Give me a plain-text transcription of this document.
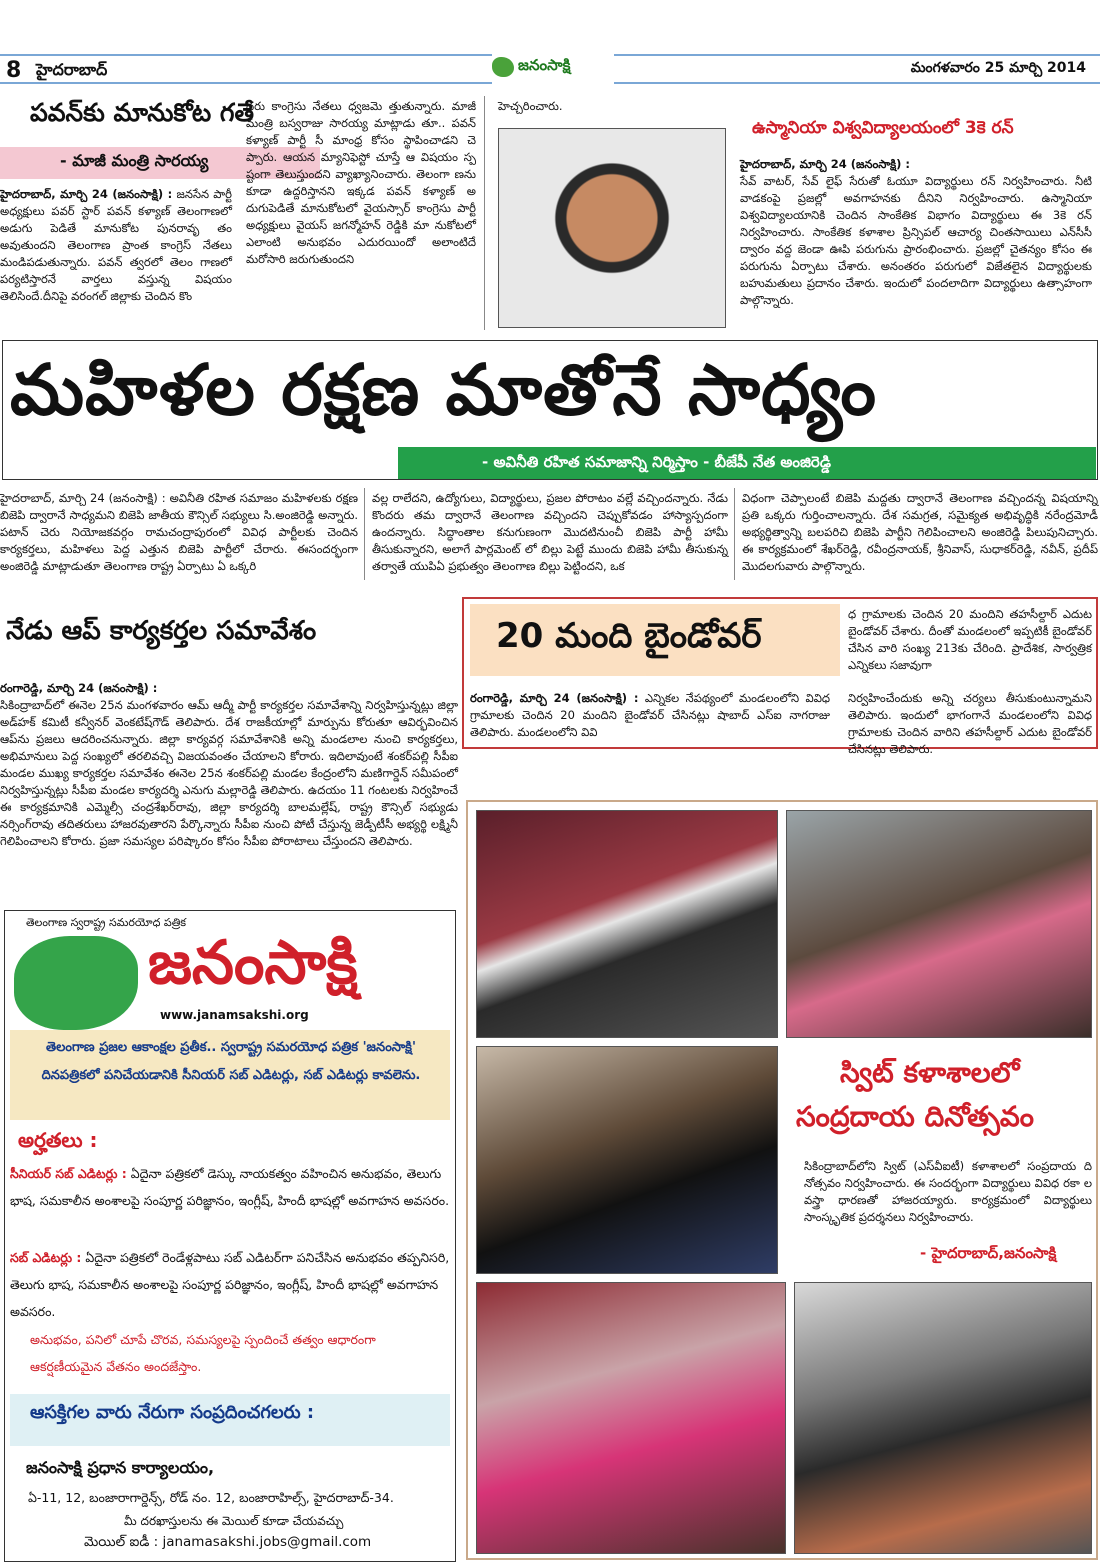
8 హైదరాబాద్	జనంసాక్షి	మంగళవారం 25 మార్చి 2014
పవన్‌కు మానుకోట గతే
- మాజీ మంత్రి సారయ్య

హైదరాబాద్, మార్చి 24 (జనంసాక్షి) : జనసేన పార్టీ అధ్యక్షులు పవర్ స్టార్ పవన్ కళ్యాణ్ తెలంగాణలో అడుగు పెడితే మానుకోట పునరావృ తం అవుతుందని తెలంగాణ ప్రాంత కాంగ్రెస్ నేతలు మండిపడుతున్నారు. పవన్ త్వరలో తెలం గాణలో పర్యటిస్తారనే వార్తలు వస్తున్న విషయం తెలిసిందే.దీనిపై వరంగల్ జిల్లాకు చెందిన కొం

దరు కాంగ్రెసు నేతలు ధ్వజమె త్తుతున్నారు. మాజీ మంత్రి బస్వరాజు సారయ్య మాట్లాడు తూ.. పవన్ కళ్యాణ్ పార్టీ సీ మాంధ్ర కోసం స్థాపించాడని చె ప్పారు. ఆయన మ్యానిఫెస్టో చూస్తే ఆ విషయం స్ప ష్టంగా తెలుస్తుందని వ్యాఖ్యానించారు. తెలంగా ణను కూడా ఉద్దరిస్తానని ఇక్కడ పవన్ కళ్యాణ్ అ దుగుపెడితే మానుకోటలో వైయస్సార్ కాంగ్రెసు పార్టీ అధ్యక్షులు వైయస్ జగన్మోహన్ రెడ్డికి మా నుకోటలో ఎలాంటి అనుభవం ఎదురయిందో అలాంటిదే మరోసారి జరుగుతుందని

హెచ్చరించారు.

ఉస్మానియా విశ్వవిద్యాలయంలో 3కె రన్

హైదరాబాద్, మార్చి 24 (జనంసాక్షి) :
సేవ్ వాటర్, సేవ్ లైఫ్ సేరుతో ఓయూ విద్యార్థులు రన్ నిర్వహించారు. నీటి వాడకంపై ప్రజల్లో అవగాహనకు దీనిని నిర్వహించారు. ఉస్మానియా విశ్వవిద్యాలయానికి చెందిన సాంకేతిక విభాగం విద్యార్థులు ఈ 3కె రన్ నిర్వహించారు. సాంకేతిక కళాశాల ప్రిన్సిపల్ ఆచార్య చింతసాయిలు ఎన్‌సీసీ ద్వారం వద్ద జెండా ఊపి పరుగును ప్రారంభించారు. ప్రజల్లో చైతన్యం కోసం ఈ పరుగును ఏర్పాటు చేశారు. అనంతరం పరుగులో విజేతలైన విద్యార్థులకు బహుమతులు ప్రదానం చేశారు. ఇందులో పందలాదిగా విద్యార్థులు ఉత్సాహంగా పాల్గొన్నారు.

మహిళల రక్షణ మాతోనే సాధ్యం
- అవినీతి రహిత సమాజాన్ని నిర్మిస్తాం - బీజేపీ నేత అంజిరెడ్డి

హైదరాబాద్, మార్చి 24 (జనంసాక్షి) : అవినీతి రహిత సమాజం మహిళలకు రక్షణ బిజెపి ద్వారానే సాధ్యమని బిజెపి జాతీయ కౌన్సిల్ సభ్యులు సి.అంజిరెడ్డి అన్నారు. పటాన్ చెరు నియోజకవర్గం రామచంద్రాపురంలో వివిధ పార్టీలకు చెందిన కార్యకర్తలు, మహిళలు పెద్ద ఎత్తున బిజెపి పార్టీలో చేరారు. ఈసందర్భంగా అంజిరెడ్డి మాట్లాడుతూ తెలంగాణ రాష్ట్ర ఏర్పాటు ఏ ఒక్కరి

వల్ల రాలేదని, ఉద్యోగులు, విద్యార్థులు, ప్రజల పోరాటం వల్లే వచ్చిందన్నారు. నేడు కొందరు తమ ద్వారానే తెలంగాణ వచ్చిందని చెప్పుకోవడం హాస్యాస్పదంగా ఉందన్నారు. సిద్ధాంతాల కనుగుణంగా మొదటినుంచీ బిజెపి పార్టీ హామీ తీసుకున్నారని, అలాగే పార్లమెంట్ లో బిల్లు పెట్టే ముందు బిజెపి హామీ తీసుకున్న తర్వాతే యుపిఏ ప్రభుత్వం తెలంగాణ బిల్లు పెట్టిందని, ఒక

విధంగా చెప్పాలంటే బిజెపి మద్దతు ద్వారానే తెలంగాణ వచ్చిందన్న విషయాన్ని ప్రతి ఒక్కరు గుర్తించాలన్నారు. దేశ సమగ్రత, సమైక్యత అభివృద్ధికి నరేంద్రమోడీ అభ్యర్థిత్వాన్ని బలపరిచి బిజెపి పార్టీని గెలిపించాలని అంజిరెడ్డి పిలుపునిచ్చారు. ఈ కార్యక్రమంలో శేఖర్‌రెడ్డి, రవీంద్రనాయక్, శ్రీనివాస్, సుధాకర్‌రెడ్డి, నవీన్, ప్రదీప్ మొదలగువారు పాల్గొన్నారు.

నేడు ఆప్ కార్యకర్తల సమావేశం

రంగారెడ్డి, మార్చి 24 (జనంసాక్షి) :
సికింద్రాబాద్‌లో ఈనెల 25న మంగళవారం ఆమ్ ఆద్మీ పార్టీ కార్యకర్తల సమావేశాన్ని నిర్వహిస్తున్నట్లు జిల్లా అడ్‌హక్ కమిటీ కన్వీనర్ వెంకటేష్‌గౌడ్ తెలిపారు. దేశ రాజకీయాల్లో మార్పును కోరుతూ ఆవిర్భవించిన ఆప్‌ను ప్రజలు ఆదరించనున్నారు. జిల్లా కార్యవర్గ సమావేశానికి అన్ని మండలాల నుంచి కార్యకర్తలు, అభిమానులు పెద్ద సంఖ్యలో తరలివచ్చి విజయవంతం చేయాలని కోరారు. ఇదిలావుంటే శంకర్‌పల్లి సీపీఐ మండల ముఖ్య కార్యకర్తల సమావేశం ఈనెల 25న శంకర్‌పల్లి మండల కేంద్రంలోని మణిగార్డెన్ సమీపంలో నిర్వహిస్తున్నట్లు సీపీఐ మండల కార్యదర్శి ఎనుగు మల్లారెడ్డి తెలిపారు. ఉదయం 11 గంటలకు నిర్వహించే ఈ కార్యక్రమానికి ఎమ్మెల్సీ చంద్రశేఖర్‌రావు, జిల్లా కార్యదర్శి బాలమల్లేష్, రాష్ట్ర కౌన్సిల్ సభ్యుడు నర్సింగ్‌రావు తదితరులు హాజరవుతారని పేర్కొన్నారు సీపీఐ నుంచి పోటీ చేస్తున్న జెడ్పీటీసీ అభ్యర్థి లక్ష్మినీ గెలిపించాలని కోరారు. ప్రజా సమస్యల పరిష్కారం కోసం సీపీఐ పోరాటాలు చేస్తుందని తెలిపారు.

20 మంది బైండోవర్

ధ గ్రామాలకు చెందిన 20 మందిని తహసీల్దార్ ఎదుట బైండోవర్ చేశారు. దీంతో మండలంలో ఇప్పటికీ బైండోవర్ చేసిన వారి సంఖ్య 213కు చేరింది. ప్రాదేశిక, సార్వత్రిక ఎన్నికలు సజావుగా

రంగారెడ్డి, మార్చి 24 (జనంసాక్షి) : ఎన్నికల నేపథ్యంలో మండలంలోని వివిధ గ్రామాలకు చెందిన 20 మందిని బైండోవర్ చేసినట్లు షాబాద్ ఎస్ఐ నాగరాజు తెలిపారు. మండలంలోని వివి

నిర్వహించేందుకు అన్ని చర్యలు తీసుకుంటున్నామని తెలిపారు. ఇందులో భాగంగానే మండలంలోని వివిధ గ్రామాలకు చెందిన వారిని తహసీల్దార్ ఎదుట బైండోవర్ చేసినట్లు తెలిపారు.

స్విట్ కళాశాలలో
సంద్రదాయ దినోత్సవం

సికింద్రాబాద్‌లోని స్విట్ (ఎస్‌వీఐటీ) కళాశాలలో సంప్రదాయ ది నోత్సవం నిర్వహించారు. ఈ సందర్భంగా విద్యార్థులు వివిధ రకా ల వస్త్రా ధారణతో హాజరయ్యారు. కార్యక్రమంలో విద్యార్థులు సాంస్కృతిక ప్రదర్శనలు నిర్వహించారు.

- హైదరాబాద్,జనంసాక్షి
తెలంగాణ స్వరాష్ట్ర సమరయోధ పత్రిక
జనంసాక్షి
www.janamsakshi.org

తెలంగాణ ప్రజల ఆకాంక్షల ప్రతీక.. స్వరాష్ట్ర సమరయోధ పత్రిక 'జనంసాక్షి' దినపత్రికలో పనిచేయడానికి సీనియర్ సబ్ ఎడిటర్లు, సబ్ ఎడిటర్లు కావలెను.

అర్హతలు :

సీనియర్ సబ్ ఎడిటర్లు : ఏదైనా పత్రికలో డెస్కు నాయకత్వం వహించిన అనుభవం, తెలుగు భాష, సమకాలీన అంశాలపై సంపూర్ణ పరిజ్ఞానం, ఇంగ్లీష్, హిందీ భాషల్లో అవగాహన అవసరం.

సబ్ ఎడిటర్లు : ఏదైనా పత్రికలో రెండేళ్లపాటు సబ్ ఎడిటర్‌గా పనిచేసిన అనుభవం తప్పనిసరి, తెలుగు భాష, సమకాలీన అంశాలపై సంపూర్ణ పరిజ్ఞానం, ఇంగ్లీష్, హిందీ భాషల్లో అవగాహన అవసరం.

అనుభవం, పనిలో చూపే చొరవ, సమస్యలపై స్పందించే తత్వం ఆధారంగా ఆకర్షణీయమైన వేతనం అందజేస్తాం.

ఆసక్తిగల వారు నేరుగా సంప్రదించగలరు :
జనంసాక్షి ప్రధాన కార్యాలయం,
ఏ-11, 12, బంజారాగార్డెన్స్, రోడ్ నం. 12, బంజారాహిల్స్, హైదరాబాద్-34.
మీ దరఖాస్తులను ఈ మెయిల్ కూడా చేయవచ్చు
మెయిల్ ఐడీ : janamasakshi.jobs@gmail.com
